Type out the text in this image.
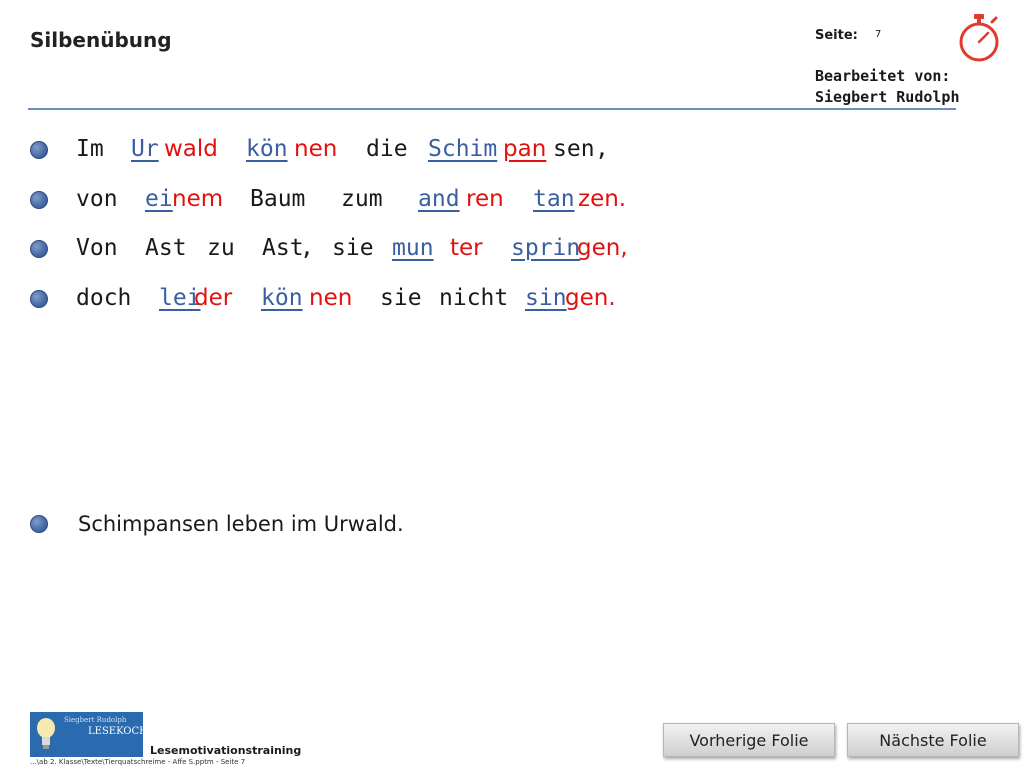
Silbenübung	Seite: 7
Bearbeitet von:
Siegbert Rudolph
Im Ur wald kön nen die Schim pan sen ,
von ei nem Baum zum and ren tan zen.
Von Ast zu Ast
, sie mun ter sprin
gen,
doch lei
der kön nen sie nicht sin
gen.
Schimpansen leben im Urwald.
Siegbert Rudolph
LESEKOCH
Lesemotivationstraining
...\ab 2. Klasse\Texte\Tierquatschreime - Affe S.pptm - Seite 7
Vorherige Folie	Nächste Folie
